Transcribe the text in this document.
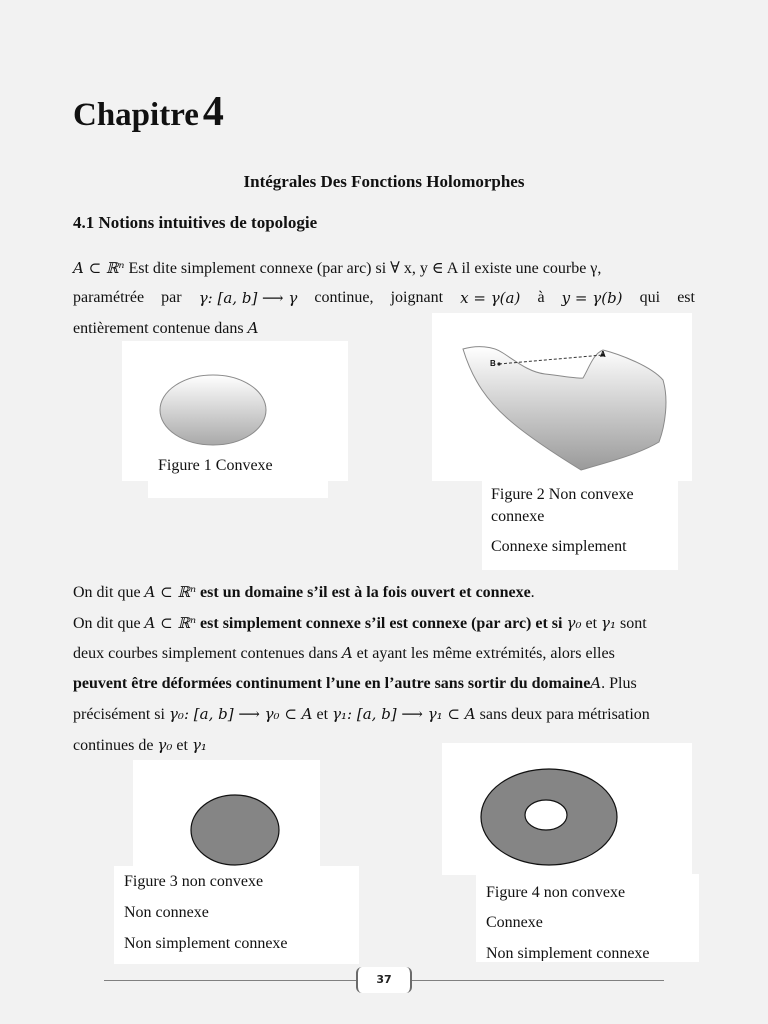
Chapitre 4
Intégrales Des Fonctions Holomorphes
4.1 Notions intuitives de topologie
A ⊂ ℝⁿ Est dite simplement connexe (par arc) si ∀ x, y ∈ A il existe une courbe γ,
paramétrée par γ: [a, b] ⟶ γ continue, joignant x = γ(a) à y = γ(b) qui est
entièrement contenue dans A
Figure 1 Convexe
B
A
Figure 2 Non convexe
connexe
Connexe simplement
On dit que A ⊂ ℝⁿ est un domaine s’il est à la fois ouvert et connexe.
On dit que A ⊂ ℝⁿ est simplement connexe s’il est connexe (par arc) et si γ₀ et γ₁ sont
deux courbes simplement contenues dans A et ayant les même extrémités, alors elles
peuvent être déformées continument l’une en l’autre sans sortir du domaineA. Plus
précisément si γ₀: [a, b] ⟶ γ₀ ⊂ A et γ₁: [a, b] ⟶ γ₁ ⊂ A sans deux para métrisation
continues de γ₀ et γ₁
Figure 3 non convexe
Non connexe
Non simplement connexe
Figure 4 non convexe
Connexe
Non simplement connexe
37
